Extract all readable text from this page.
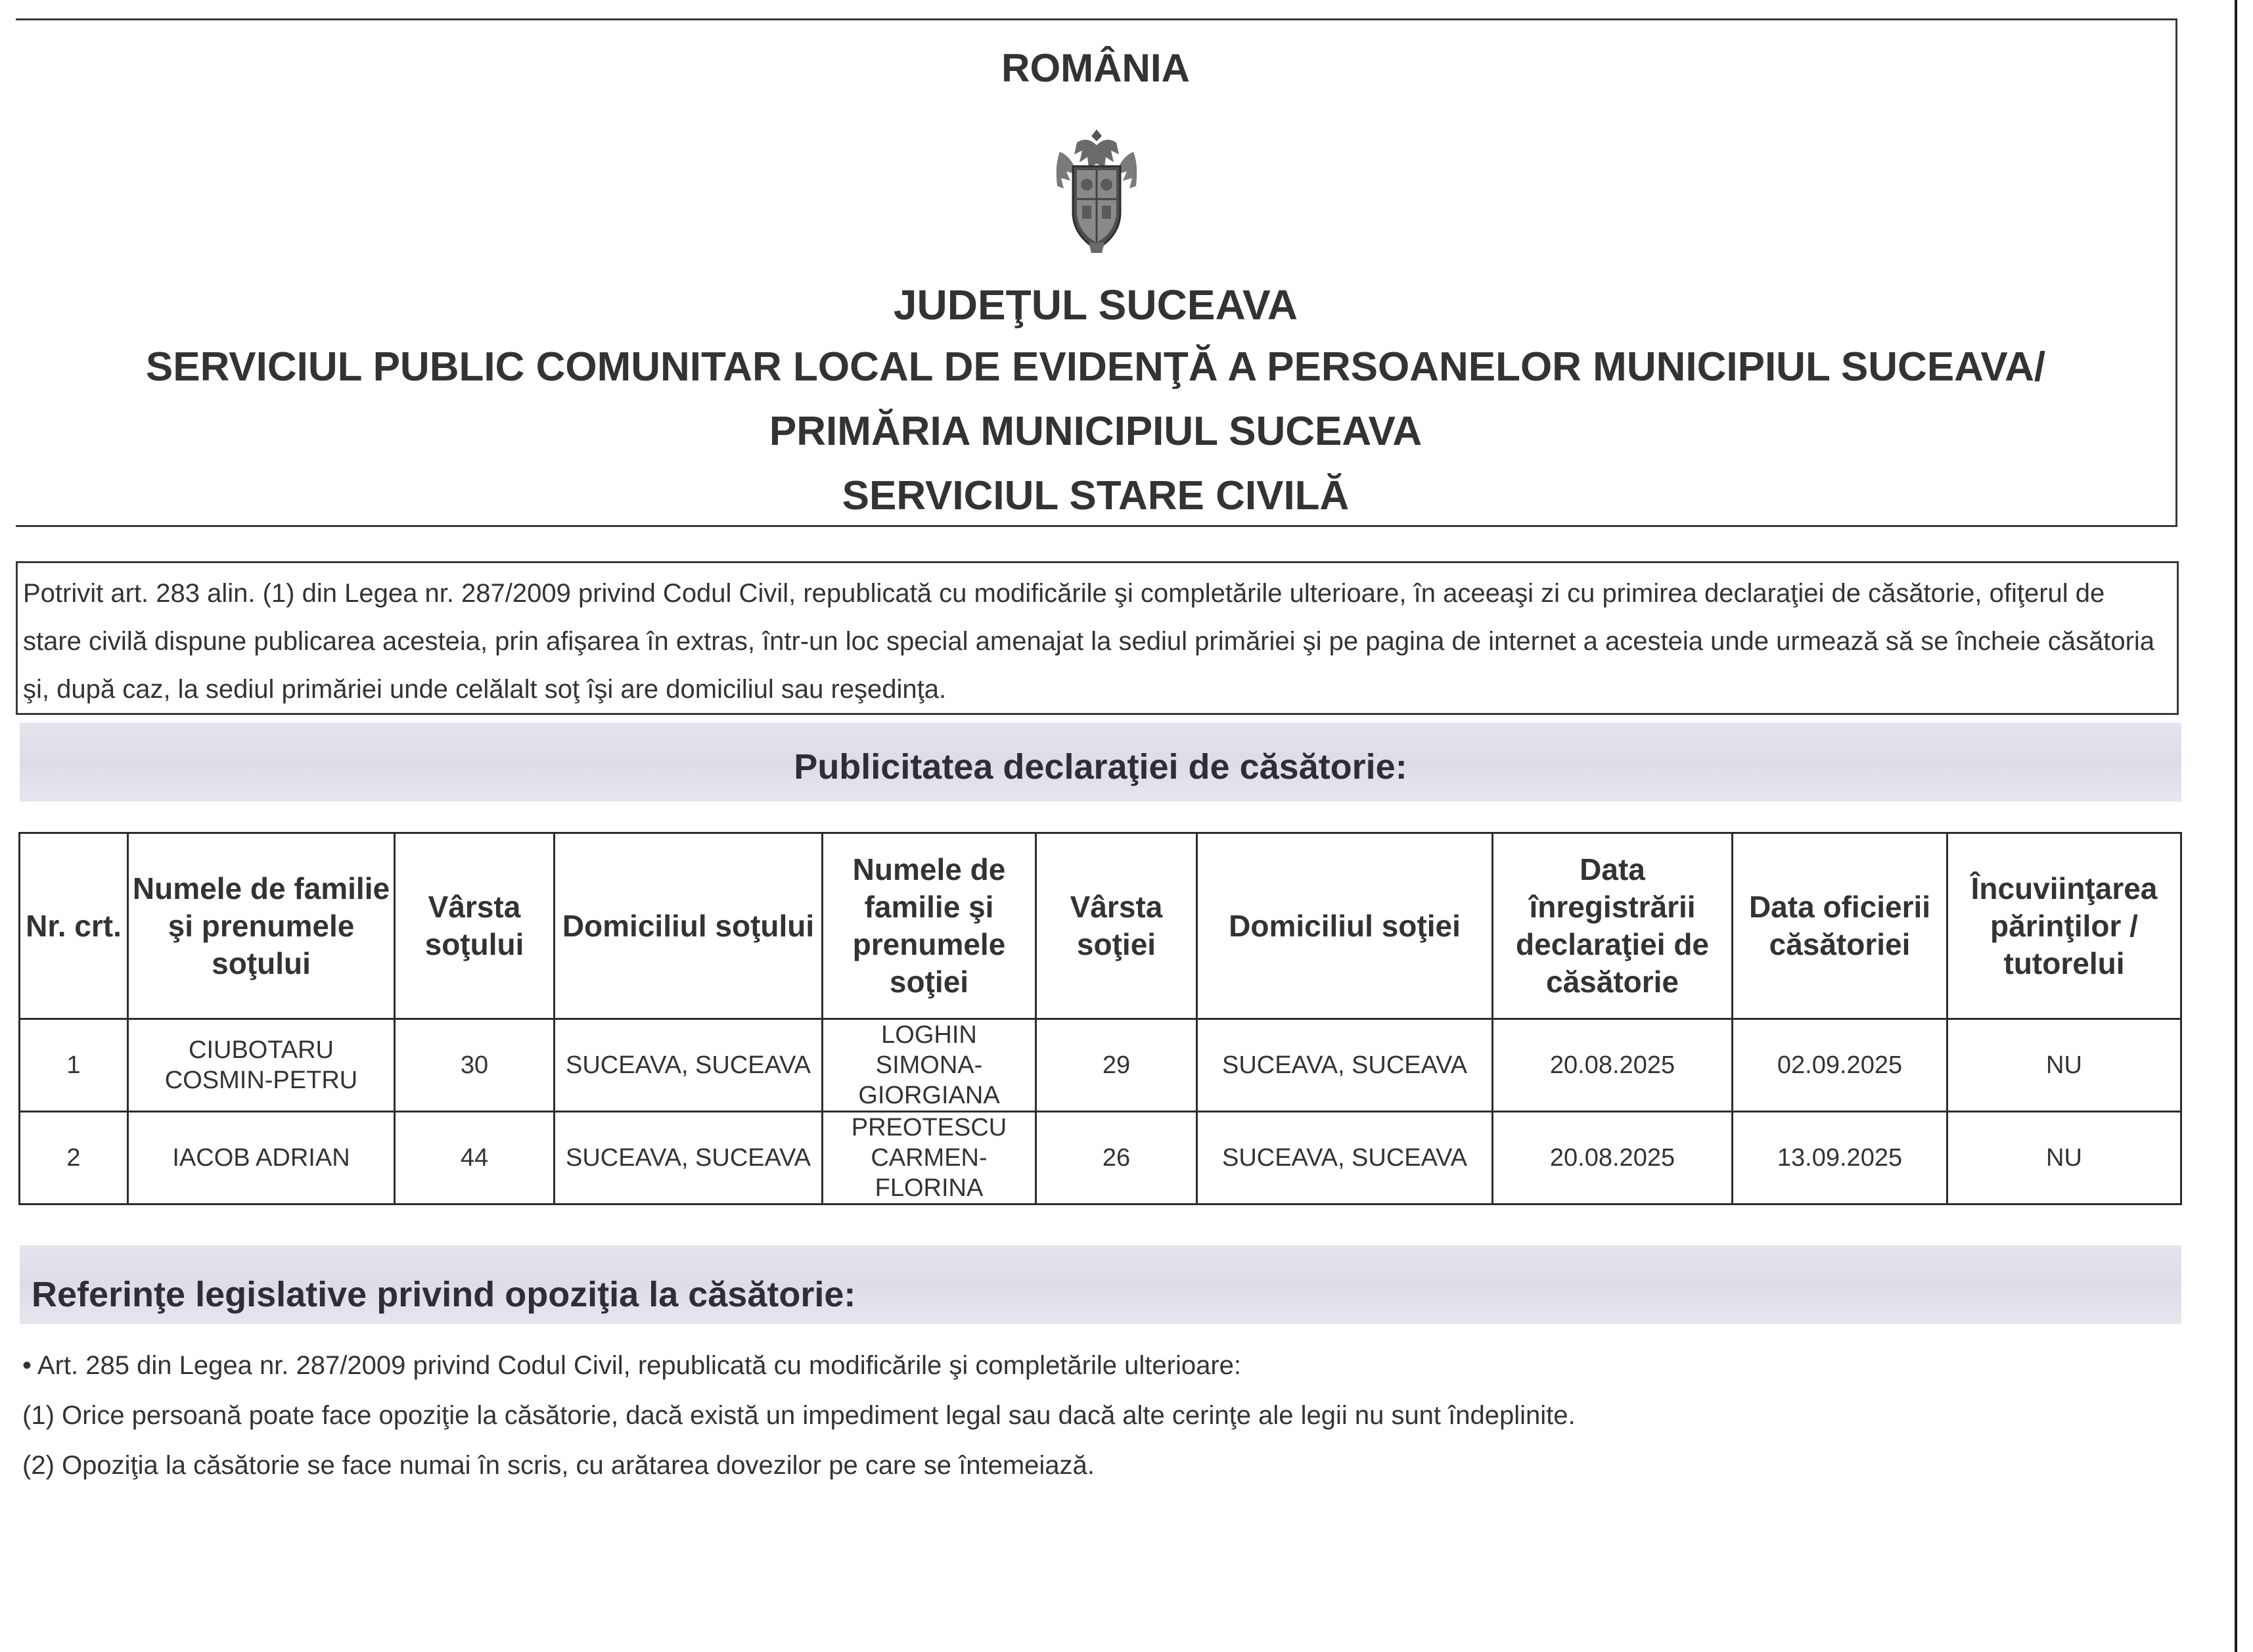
ROMÂNIA
JUDEŢUL SUCEAVA
SERVICIUL PUBLIC COMUNITAR LOCAL DE EVIDENŢĂ A PERSOANELOR MUNICIPIUL SUCEAVA/
PRIMĂRIA MUNICIPIUL SUCEAVA
SERVICIUL STARE CIVILĂ
Potrivit art. 283 alin. (1) din Legea nr. 287/2009 privind Codul Civil, republicată cu modificările şi completările ulterioare, în aceeaşi zi cu primirea declaraţiei de căsătorie, ofiţerul de stare civilă dispune publicarea acesteia, prin afişarea în extras, într-un loc special amenajat la sediul primăriei şi pe pagina de internet a acesteia unde urmează să se încheie căsătoria şi, după caz, la sediul primăriei unde celălalt soţ îşi are domiciliul sau reşedinţa.
Publicitatea declaraţiei de căsătorie:
Nr. crt.	Numele de familie şi prenumele soţului	Vârsta soţului	Domiciliul soţului	Numele de familie şi prenumele soţiei	Vârsta soţiei	Domiciliul soţiei	Data înregistrării declaraţiei de căsătorie	Data oficierii căsătoriei	Încuviinţarea părinţilor / tutorelui
1	CIUBOTARU COSMIN-PETRU	30	SUCEAVA, SUCEAVA	LOGHIN SIMONA-GIORGIANA	29	SUCEAVA, SUCEAVA	20.08.2025	02.09.2025	NU
2	IACOB ADRIAN	44	SUCEAVA, SUCEAVA	PREOTESCU CARMEN-FLORINA	26	SUCEAVA, SUCEAVA	20.08.2025	13.09.2025	NU
Referinţe legislative privind opoziţia la căsătorie:

• Art. 285 din Legea nr. 287/2009 privind Codul Civil, republicată cu modificările şi completările ulterioare:

(1) Orice persoană poate face opoziţie la căsătorie, dacă există un impediment legal sau dacă alte cerinţe ale legii nu sunt îndeplinite.

(2) Opoziţia la căsătorie se face numai în scris, cu arătarea dovezilor pe care se întemeiază.
